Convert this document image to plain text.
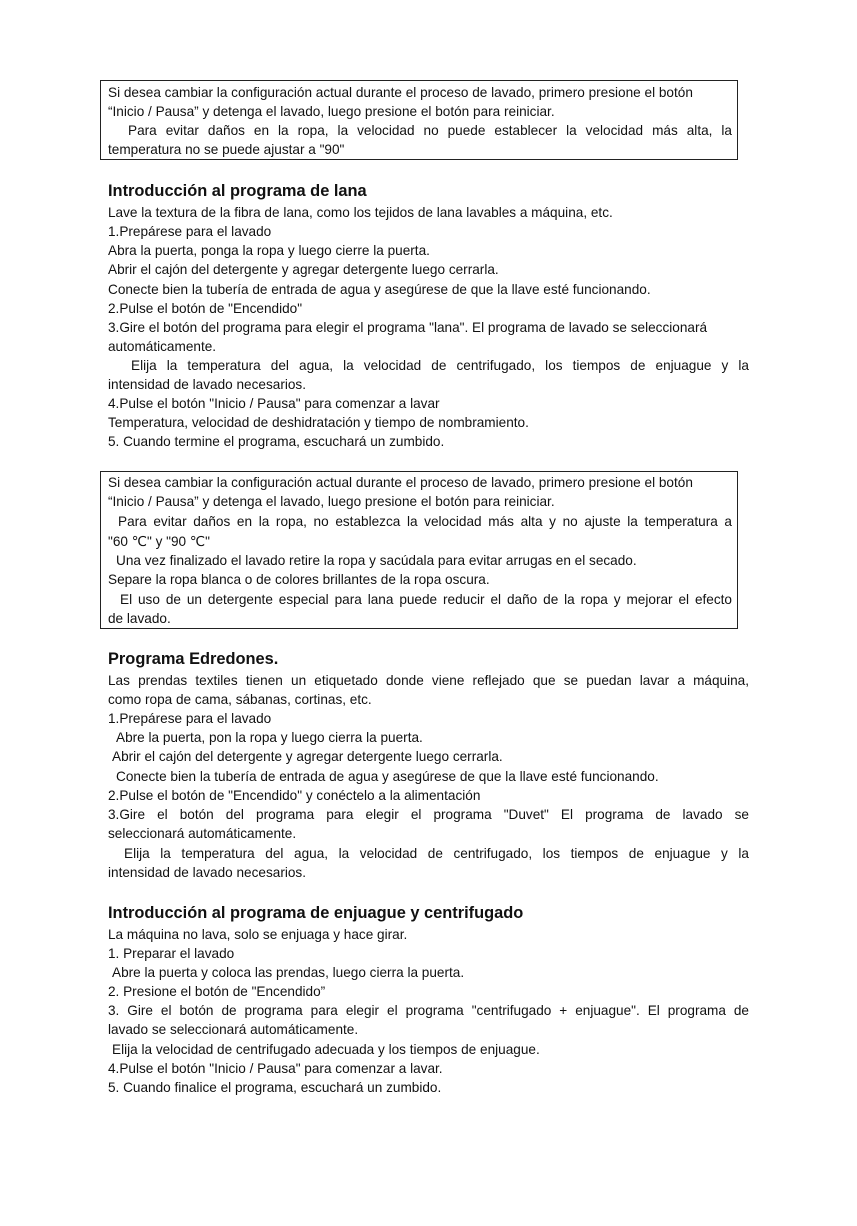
Si desea cambiar la configuración actual durante el proceso de lavado, primero presione el botón
“Inicio / Pausa” y detenga el lavado, luego presione el botón para reiniciar.
Para evitar daños en la ropa, la velocidad no puede establecer la velocidad más alta, la
temperatura no se puede ajustar a "90"
Introducción al programa de lana
Lave la textura de la fibra de lana, como los tejidos de lana lavables a máquina, etc.
1.Prepárese para el lavado
Abra la puerta, ponga la ropa y luego cierre la puerta.
Abrir el cajón del detergente y agregar detergente luego cerrarla.
Conecte bien la tubería de entrada de agua y asegúrese de que la llave esté funcionando.
2.Pulse el botón de "Encendido"
3.Gire el botón del programa para elegir el programa "lana". El programa de lavado se seleccionará
automáticamente.
Elija la temperatura del agua, la velocidad de centrifugado, los tiempos de enjuague y la
intensidad de lavado necesarios.
4.Pulse el botón "Inicio / Pausa" para comenzar a lavar
Temperatura, velocidad de deshidratación y tiempo de nombramiento.
5. Cuando termine el programa, escuchará un zumbido.
Si desea cambiar la configuración actual durante el proceso de lavado, primero presione el botón
“Inicio / Pausa” y detenga el lavado, luego presione el botón para reiniciar.
Para evitar daños en la ropa, no establezca la velocidad más alta y no ajuste la temperatura a
"60 ℃" y "90 ℃"
Una vez finalizado el lavado retire la ropa y sacúdala para evitar arrugas en el secado.
Separe la ropa blanca o de colores brillantes de la ropa oscura.
El uso de un detergente especial para lana puede reducir el daño de la ropa y mejorar el efecto
de lavado.
Programa Edredones.
Las prendas textiles tienen un etiquetado donde viene reflejado que se puedan lavar a máquina,
como ropa de cama, sábanas, cortinas, etc.
1.Prepárese para el lavado
Abre la puerta, pon la ropa y luego cierra la puerta.
Abrir el cajón del detergente y agregar detergente luego cerrarla.
Conecte bien la tubería de entrada de agua y asegúrese de que la llave esté funcionando.
2.Pulse el botón de "Encendido" y conéctelo a la alimentación
3.Gire el botón del programa para elegir el programa "Duvet" El programa de lavado se
seleccionará automáticamente.
Elija la temperatura del agua, la velocidad de centrifugado, los tiempos de enjuague y la
intensidad de lavado necesarios.
Introducción al programa de enjuague y centrifugado
La máquina no lava, solo se enjuaga y hace girar.
1. Preparar el lavado
Abre la puerta y coloca las prendas, luego cierra la puerta.
2. Presione el botón de "Encendido”
3. Gire el botón de programa para elegir el programa "centrifugado + enjuague". El programa de
lavado se seleccionará automáticamente.
Elija la velocidad de centrifugado adecuada y los tiempos de enjuague.
4.Pulse el botón "Inicio / Pausa" para comenzar a lavar.
5. Cuando finalice el programa, escuchará un zumbido.
